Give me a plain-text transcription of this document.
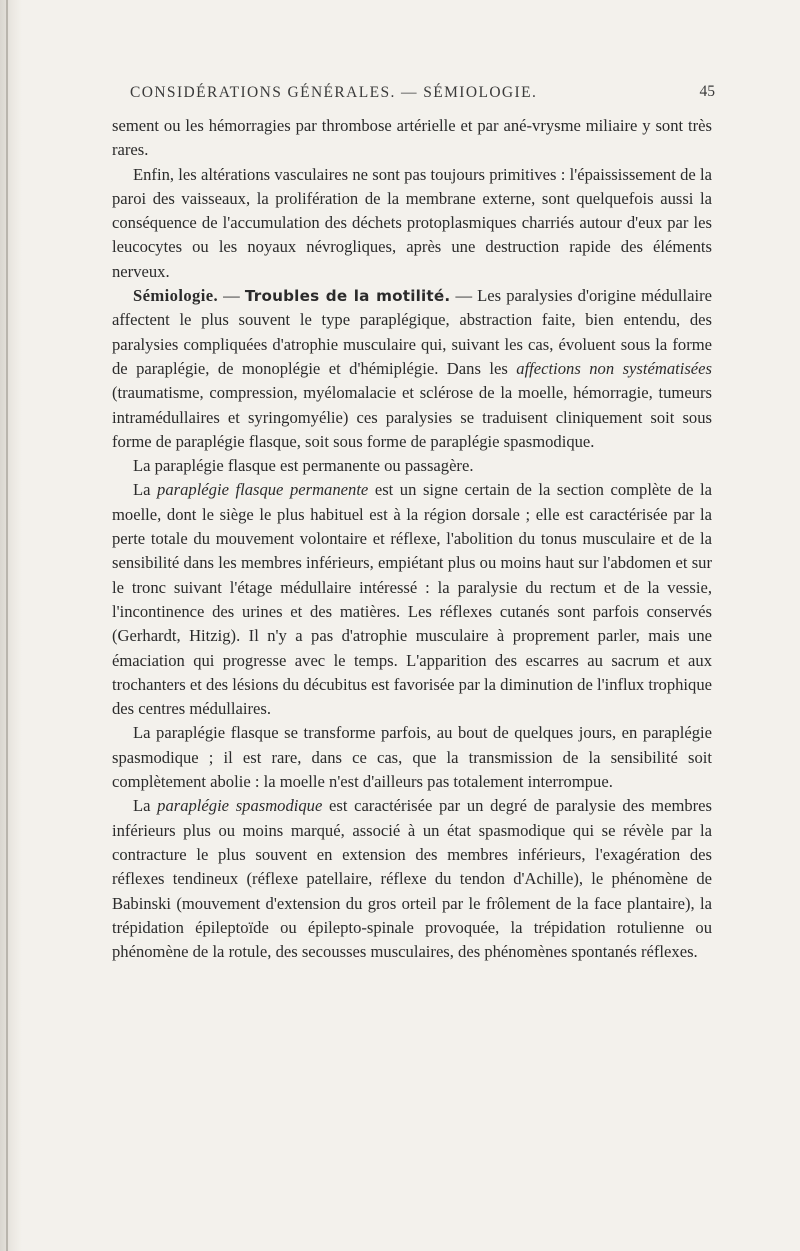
CONSIDÉRATIONS GÉNÉRALES. — SÉMIOLOGIE.	45

sement ou les hémorragies par thrombose artérielle et par ané-vrysme miliaire y sont très rares.

Enfin, les altérations vasculaires ne sont pas toujours primitives : l'épaississement de la paroi des vaisseaux, la prolifération de la membrane externe, sont quelquefois aussi la conséquence de l'accumulation des déchets protoplasmiques charriés autour d'eux par les leucocytes ou les noyaux névrogliques, après une destruction rapide des éléments nerveux.

Sémiologie. — Troubles de la motilité. — Les paralysies d'origine médullaire affectent le plus souvent le type paraplégique, abstraction faite, bien entendu, des paralysies compliquées d'atrophie musculaire qui, suivant les cas, évoluent sous la forme de paraplégie, de monoplégie et d'hémiplégie. Dans les affections non systématisées (traumatisme, compression, myélomalacie et sclérose de la moelle, hémorragie, tumeurs intramédullaires et syringomyélie) ces paralysies se traduisent cliniquement soit sous forme de paraplégie flasque, soit sous forme de paraplégie spasmodique.

La paraplégie flasque est permanente ou passagère.

La paraplégie flasque permanente est un signe certain de la section complète de la moelle, dont le siège le plus habituel est à la région dorsale ; elle est caractérisée par la perte totale du mouvement volontaire et réflexe, l'abolition du tonus musculaire et de la sensibilité dans les membres inférieurs, empiétant plus ou moins haut sur l'abdomen et sur le tronc suivant l'étage médullaire intéressé : la paralysie du rectum et de la vessie, l'incontinence des urines et des matières. Les réflexes cutanés sont parfois conservés (Gerhardt, Hitzig). Il n'y a pas d'atrophie musculaire à proprement parler, mais une émaciation qui progresse avec le temps. L'apparition des escarres au sacrum et aux trochanters et des lésions du décubitus est favorisée par la diminution de l'influx trophique des centres médullaires.

La paraplégie flasque se transforme parfois, au bout de quelques jours, en paraplégie spasmodique ; il est rare, dans ce cas, que la transmission de la sensibilité soit complètement abolie : la moelle n'est d'ailleurs pas totalement interrompue.

La paraplégie spasmodique est caractérisée par un degré de paralysie des membres inférieurs plus ou moins marqué, associé à un état spasmodique qui se révèle par la contracture le plus souvent en extension des membres inférieurs, l'exagération des réflexes tendineux (réflexe patellaire, réflexe du tendon d'Achille), le phénomène de Babinski (mouvement d'extension du gros orteil par le frôlement de la face plantaire), la trépidation épileptoïde ou épilepto-spinale provoquée, la trépidation rotulienne ou phénomène de la rotule, des secousses musculaires, des phénomènes spontanés réflexes.
